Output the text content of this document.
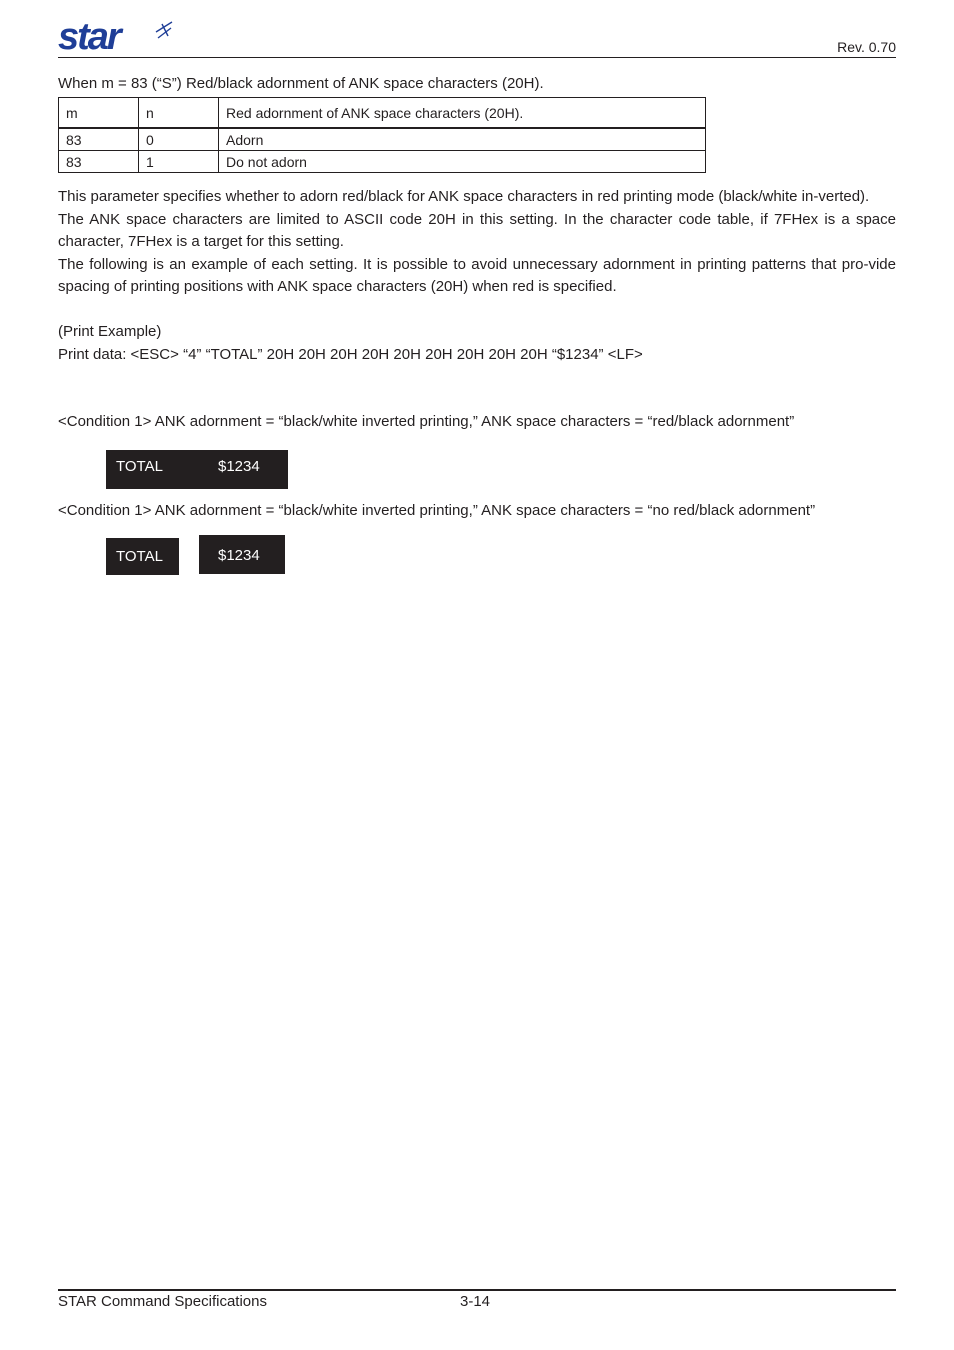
star	Rev. 0.70
When m = 83 (“S”) Red/black adornment of ANK space characters (20H).
m	n	Red adornment of ANK space characters (20H).
83	0	Adorn
83	1	Do not adorn

This parameter specifies whether to adorn red/black for ANK space characters in red printing mode (black/white in-verted).

The ANK space characters are limited to ASCII code 20H in this setting. In the character code table, if 7FHex is a space character, 7FHex is a target for this setting.

The following is an example of each setting. It is possible to avoid unnecessary adornment in printing patterns that pro-vide spacing of printing positions with ANK space characters (20H) when red is specified.

(Print Example)

Print data: <ESC> “4” “TOTAL” 20H 20H 20H 20H 20H 20H 20H 20H 20H “$1234” <LF>

<Condition 1> ANK adornment = “black/white inverted printing,” ANK space characters = “red/black adornment”
TOTAL	$1234
<Condition 1> ANK adornment = “black/white inverted printing,” ANK space characters = “no red/black adornment”
TOTAL	$1234
STAR Command Specifications	3-14
